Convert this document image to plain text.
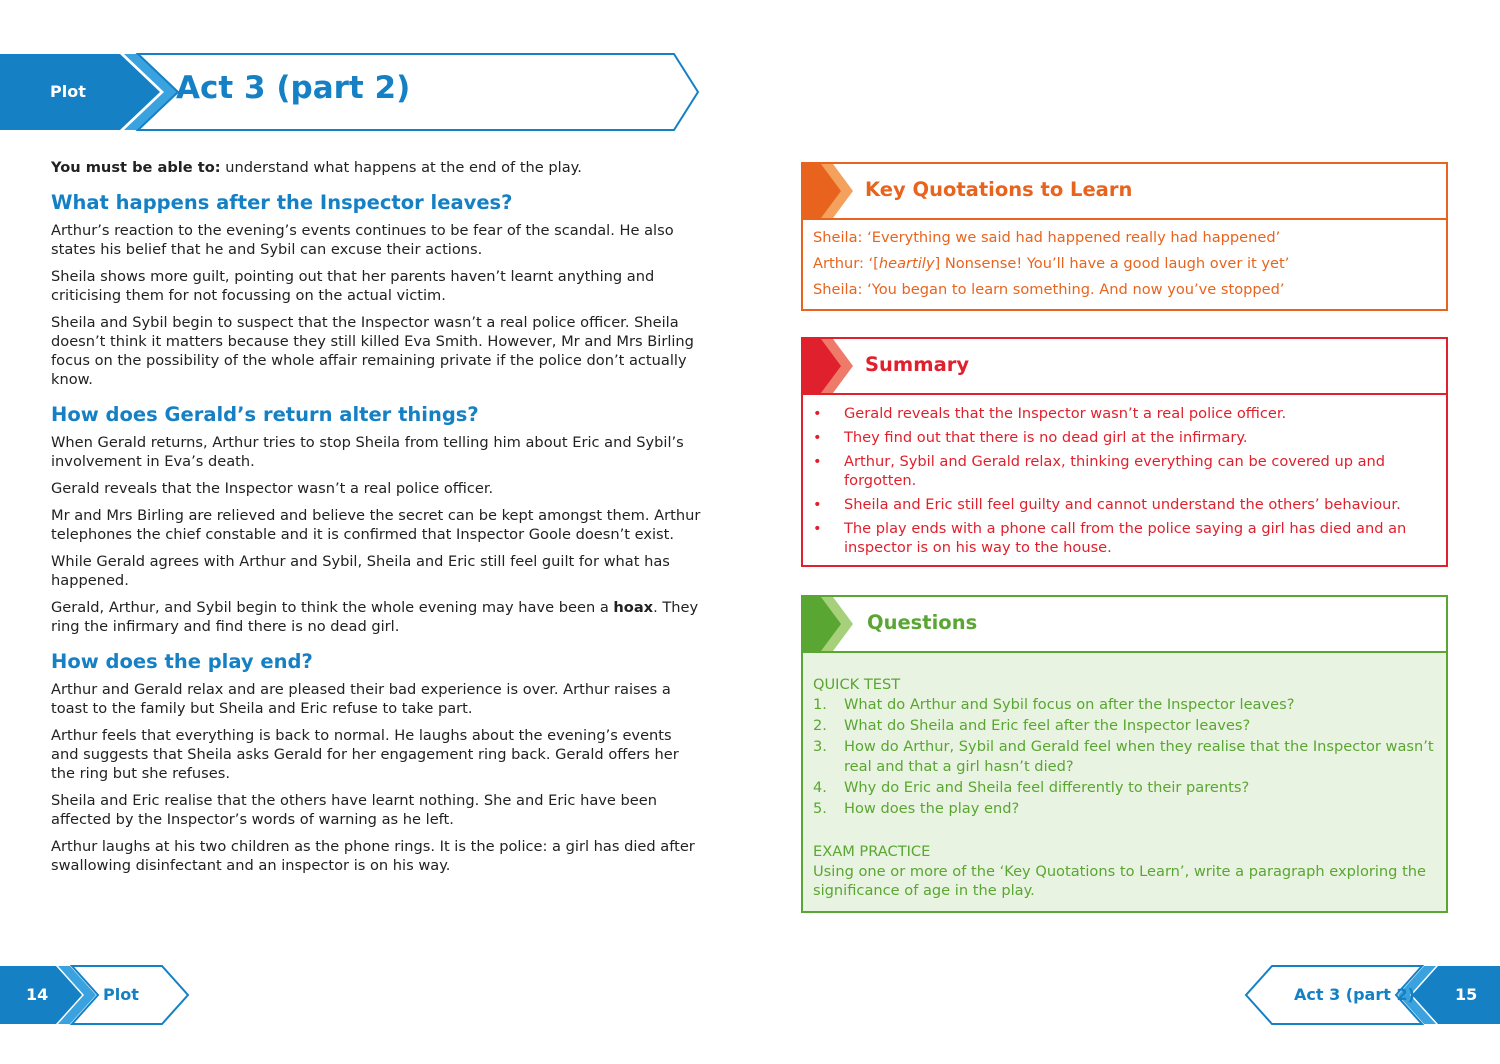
Plot	Act 3 (part 2)

You must be able to: understand what happens at the end of the play.

What happens after the Inspector leaves?

Arthur’s reaction to the evening’s events continues to be fear of the scandal. He also states his belief that he and Sybil can excuse their actions.

Sheila shows more guilt, pointing out that her parents haven’t learnt anything and criticising them for not focussing on the actual victim.

Sheila and Sybil begin to suspect that the Inspector wasn’t a real police officer. Sheila doesn’t think it matters because they still killed Eva Smith. However, Mr and Mrs Birling focus on the possibility of the whole affair remaining private if the police don’t actually know.

How does Gerald’s return alter things?

When Gerald returns, Arthur tries to stop Sheila from telling him about Eric and Sybil’s involvement in Eva’s death.

Gerald reveals that the Inspector wasn’t a real police officer.

Mr and Mrs Birling are relieved and believe the secret can be kept amongst them. Arthur telephones the chief constable and it is confirmed that Inspector Goole doesn’t exist.

While Gerald agrees with Arthur and Sybil, Sheila and Eric still feel guilt for what has happened.

Gerald, Arthur, and Sybil begin to think the whole evening may have been a hoax. They ring the infirmary and find there is no dead girl.

How does the play end?

Arthur and Gerald relax and are pleased their bad experience is over. Arthur raises a toast to the family but Sheila and Eric refuse to take part.

Arthur feels that everything is back to normal. He laughs about the evening’s events and suggests that Sheila asks Gerald for her engagement ring back. Gerald offers her the ring but she refuses.

Sheila and Eric realise that the others have learnt nothing. She and Eric have been affected by the Inspector’s words of warning as he left.

Arthur laughs at his two children as the phone rings. It is the police: a girl has died after swallowing disinfectant and an inspector is on his way.

Key Quotations to Learn

Sheila: ‘Everything we said had happened really had happened’

Arthur: ‘[heartily] Nonsense! You’ll have a good laugh over it yet’

Sheila: ‘You began to learn something. And now you’ve stopped’

Summary
• Gerald reveals that the Inspector wasn’t a real police officer.
• They find out that there is no dead girl at the infirmary.
• Arthur, Sybil and Gerald relax, thinking everything can be covered up and forgotten.
• Sheila and Eric still feel guilty and cannot understand the others’ behaviour.
• The play ends with a phone call from the police saying a girl has died and an inspector is on his way to the house.
Questions

QUICK TEST

1. What do Arthur and Sybil focus on after the Inspector leaves?
2. What do Sheila and Eric feel after the Inspector leaves?
3. How do Arthur, Sybil and Gerald feel when they realise that the Inspector wasn’t real and that a girl hasn’t died?
4. Why do Eric and Sheila feel differently to their parents?
5. How does the play end?

EXAM PRACTICE

Using one or more of the ‘Key Quotations to Learn’, write a paragraph exploring the significance of age in the play.

14	Plot	Act 3 (part 2)	15
